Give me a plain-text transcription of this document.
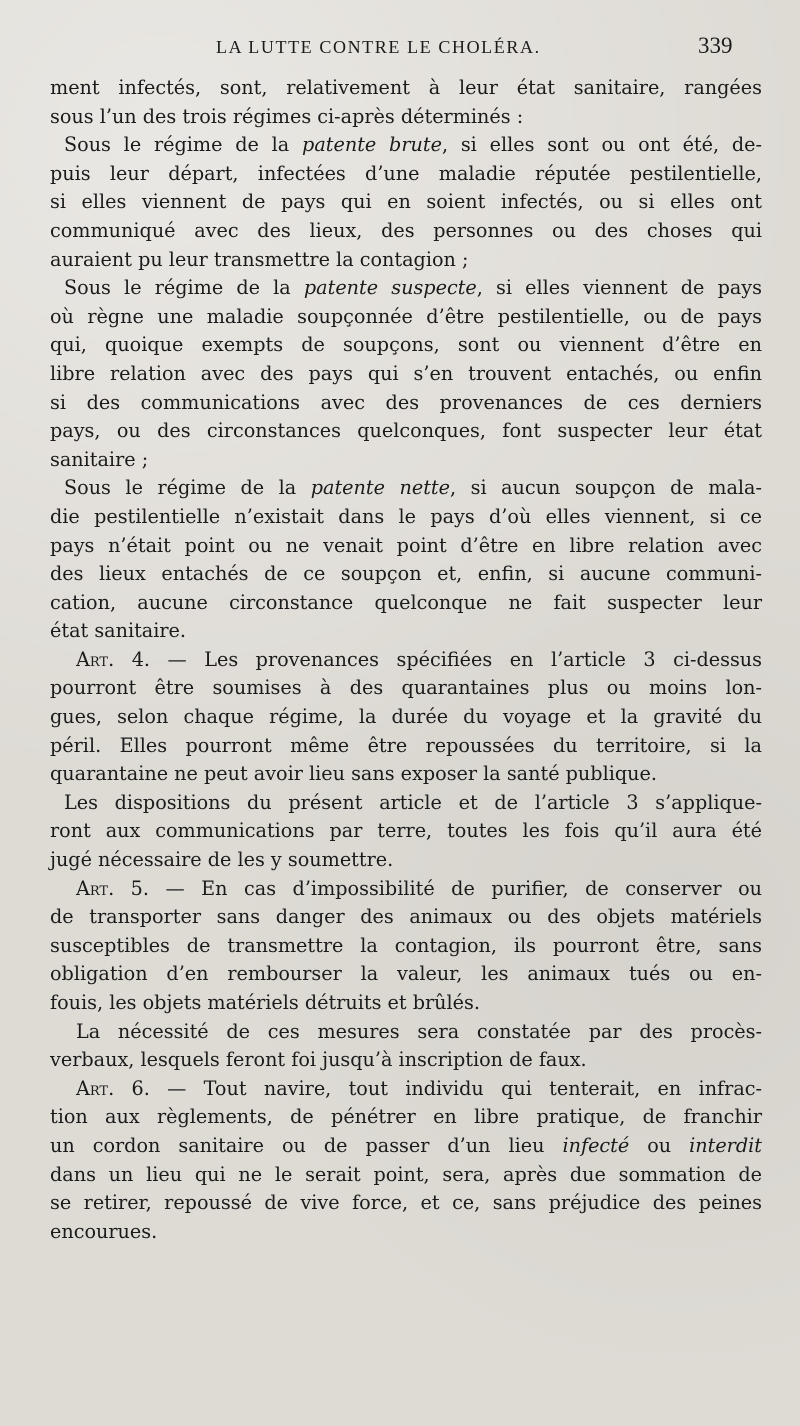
LA LUTTE CONTRE LE CHOLÉRA.	339

ment infectés, sont, relativement à leur état sanitaire, rangées
sous l’un des trois régimes ci-après déterminés :

Sous le régime de la patente brute, si elles sont ou ont été, de-
puis leur départ, infectées d’une maladie réputée pestilentielle,
si elles viennent de pays qui en soient infectés, ou si elles ont
communiqué avec des lieux, des personnes ou des choses qui
auraient pu leur transmettre la contagion ;

Sous le régime de la patente suspecte, si elles viennent de pays
où règne une maladie soupçonnée d’être pestilentielle, ou de pays
qui, quoique exempts de soupçons, sont ou viennent d’être en
libre relation avec des pays qui s’en trouvent entachés, ou enfin
si des communications avec des provenances de ces derniers
pays, ou des circonstances quelconques, font suspecter leur état
sanitaire ;

Sous le régime de la patente nette, si aucun soupçon de mala-
die pestilentielle n’existait dans le pays d’où elles viennent, si ce
pays n’était point ou ne venait point d’être en libre relation avec
des lieux entachés de ce soupçon et, enfin, si aucune communi-
cation, aucune circonstance quelconque ne fait suspecter leur
état sanitaire.

Art. 4. — Les provenances spécifiées en l’article 3 ci-dessus
pourront être soumises à des quarantaines plus ou moins lon-
gues, selon chaque régime, la durée du voyage et la gravité du
péril. Elles pourront même être repoussées du territoire, si la
quarantaine ne peut avoir lieu sans exposer la santé publique.

Les dispositions du présent article et de l’article 3 s’applique-
ront aux communications par terre, toutes les fois qu’il aura été
jugé nécessaire de les y soumettre.

Art. 5. — En cas d’impossibilité de purifier, de conserver ou
de transporter sans danger des animaux ou des objets matériels
susceptibles de transmettre la contagion, ils pourront être, sans
obligation d’en rembourser la valeur, les animaux tués ou en-
fouis, les objets matériels détruits et brûlés.

La nécessité de ces mesures sera constatée par des procès-
verbaux, lesquels feront foi jusqu’à inscription de faux.

Art. 6. — Tout navire, tout individu qui tenterait, en infrac-
tion aux règlements, de pénétrer en libre pratique, de franchir
un cordon sanitaire ou de passer d’un lieu infecté ou interdit
dans un lieu qui ne le serait point, sera, après due sommation de
se retirer, repoussé de vive force, et ce, sans préjudice des peines
encourues.
